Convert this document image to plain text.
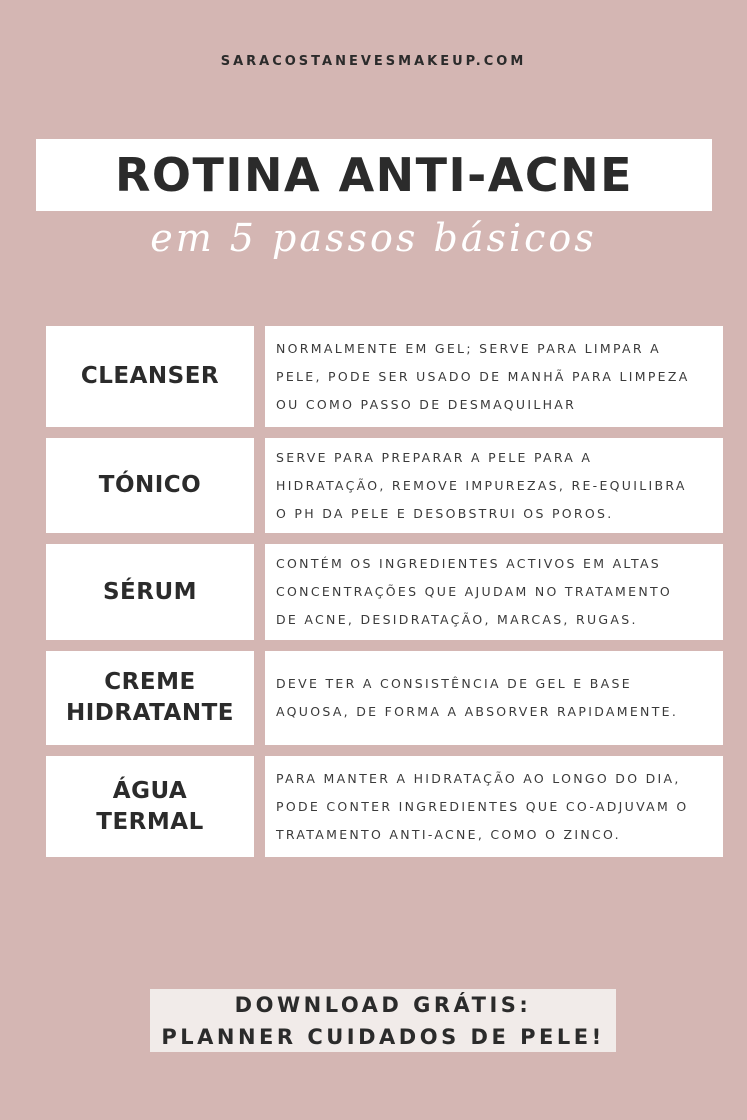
SARACOSTANEVESMAKEUP.COM
ROTINA ANTI-ACNE
em 5 passos básicos
CLEANSER
NORMALMENTE EM GEL; SERVE PARA LIMPAR A
PELE, PODE SER USADO DE MANHÃ PARA LIMPEZA
OU COMO PASSO DE DESMAQUILHAR
TÓNICO
SERVE PARA PREPARAR A PELE PARA A
HIDRATAÇÃO, REMOVE IMPUREZAS, RE-EQUILIBRA
O PH DA PELE E DESOBSTRUI OS POROS.
SÉRUM
CONTÉM OS INGREDIENTES ACTIVOS EM ALTAS
CONCENTRAÇÕES QUE AJUDAM NO TRATAMENTO
DE ACNE, DESIDRATAÇÃO, MARCAS, RUGAS.
CREME
HIDRATANTE
DEVE TER A CONSISTÊNCIA DE GEL E BASE
AQUOSA, DE FORMA A ABSORVER RAPIDAMENTE.
ÁGUA
TERMAL
PARA MANTER A HIDRATAÇÃO AO LONGO DO DIA,
PODE CONTER INGREDIENTES QUE CO-ADJUVAM O
TRATAMENTO ANTI-ACNE, COMO O ZINCO.
DOWNLOAD GRÁTIS:
PLANNER CUIDADOS DE PELE!
